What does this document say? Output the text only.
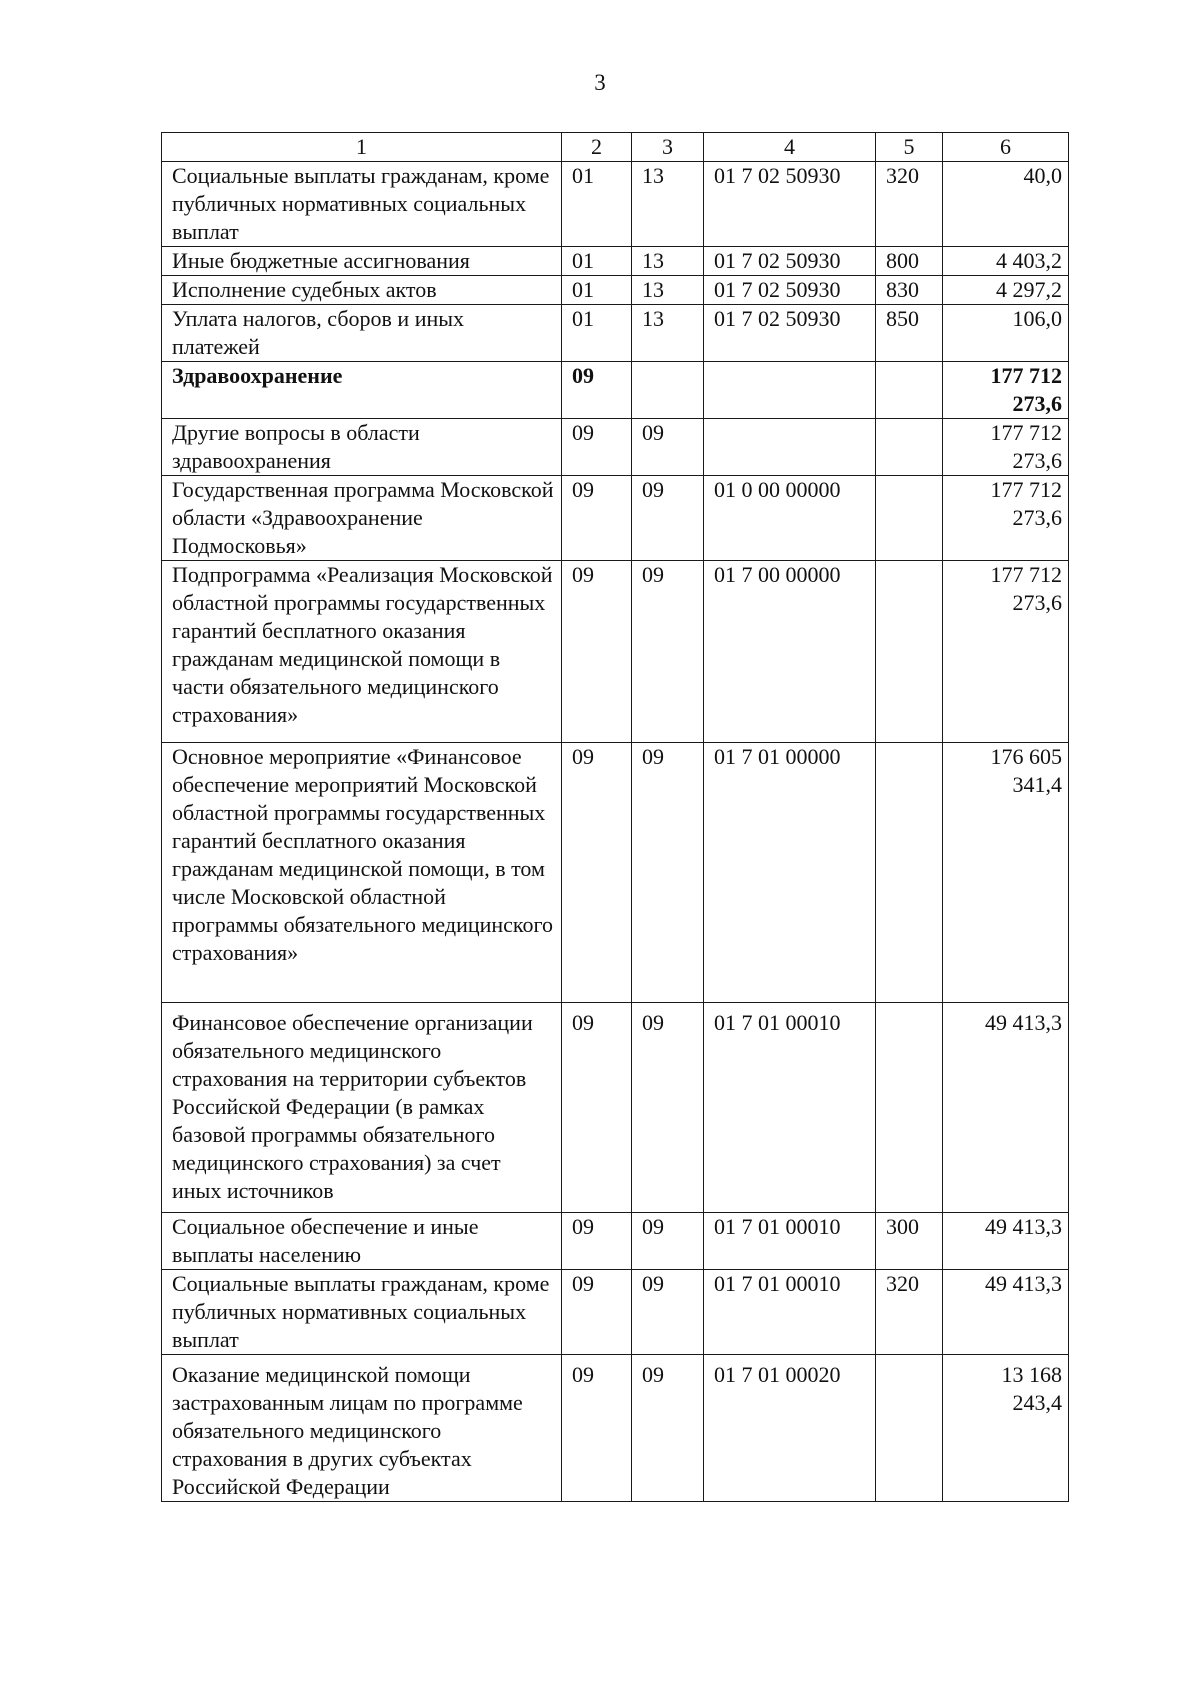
3
1	2	3	4	5	6
Социальные выплаты гражданам, кроме публичных нормативных социальных выплат	01	13	01 7 02 50930	320	40,0
Иные бюджетные ассигнования	01	13	01 7 02 50930	800	4 403,2
Исполнение судебных актов	01	13	01 7 02 50930	830	4 297,2
Уплата налогов, сборов и иных платежей	01	13	01 7 02 50930	850	106,0
Здравоохранение	09				177 712 273,6
Другие вопросы в области здравоохранения	09	09			177 712 273,6
Государственная программа Московской области «Здравоохранение Подмосковья»	09	09	01 0 00 00000		177 712 273,6
Подпрограмма «Реализация Московской областной программы государственных гарантий бесплатного оказания гражданам медицинской помощи в части обязательного медицинского страхования»	09	09	01 7 00 00000		177 712 273,6
Основное мероприятие «Финансовое обеспечение мероприятий Московской областной программы государственных гарантий бесплатного оказания гражданам медицинской помощи, в том числе Московской областной программы обязательного медицинского страхования»	09	09	01 7 01 00000		176 605 341,4
Финансовое обеспечение организации обязательного медицинского страхования на территории субъектов Российской Федерации (в рамках базовой программы обязательного медицинского страхования) за счет иных источников	09	09	01 7 01 00010		49 413,3
Социальное обеспечение и иные выплаты населению	09	09	01 7 01 00010	300	49 413,3
Социальные выплаты гражданам, кроме публичных нормативных социальных выплат	09	09	01 7 01 00010	320	49 413,3
Оказание медицинской помощи застрахованным лицам по программе обязательного медицинского страхования в других субъектах Российской Федерации	09	09	01 7 01 00020		13 168 243,4
